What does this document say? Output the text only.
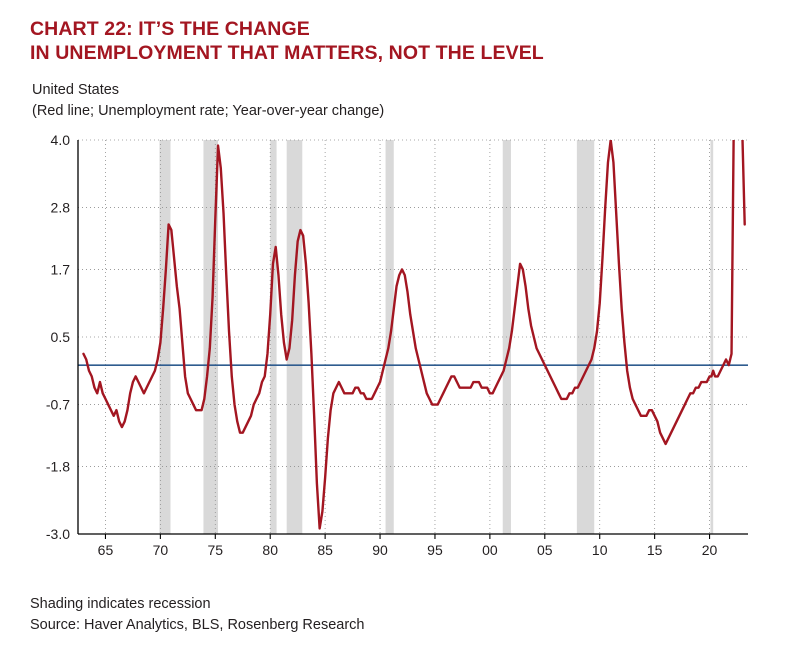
CHART 22: IT’S THE CHANGE
IN UNEMPLOYMENT THAT MATTERS, NOT THE LEVEL
United States
(Red line; Unemployment rate; Year-over-year change)
4.0
2.8
1.7
0.5
-0.7
-1.8
-3.0
65	70	75	80	85	90	95	00	05	10	15	20
Shading indicates recession
Source: Haver Analytics, BLS, Rosenberg Research
